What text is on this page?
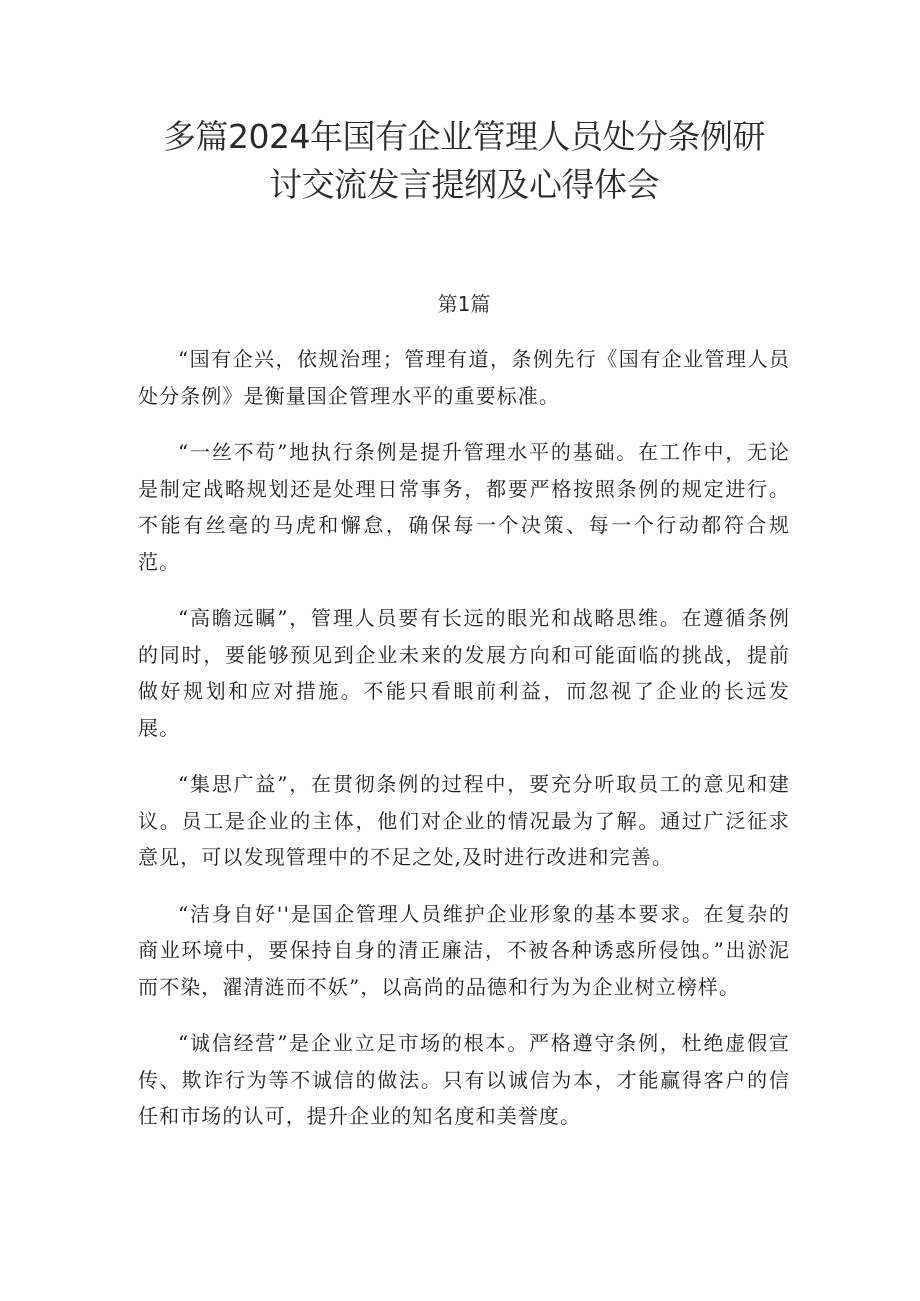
多篇2024年国有企业管理人员处分条例研
讨交流发言提纲及心得体会
第1篇

“国有企兴，依规治理；管理有道，条例先行《国有企业管理人员处分条例》是衡量国企管理水平的重要标准。

“一丝不苟”地执行条例是提升管理水平的基础。在工作中，无论是制定战略规划还是处理日常事务，都要严格按照条例的规定进行。不能有丝毫的马虎和懈怠，确保每一个决策、每一个行动都符合规范。

“高瞻远瞩”，管理人员要有长远的眼光和战略思维。在遵循条例的同时，要能够预见到企业未来的发展方向和可能面临的挑战，提前做好规划和应对措施。不能只看眼前利益，而忽视了企业的长远发展。

“集思广益”，在贯彻条例的过程中，要充分听取员工的意见和建议。员工是企业的主体，他们对企业的情况最为了解。通过广泛征求意见，可以发现管理中的不足之处,及时进行改进和完善。

“洁身自好''是国企管理人员维护企业形象的基本要求。在复杂的商业环境中，要保持自身的清正廉洁，不被各种诱惑所侵蚀。”出淤泥而不染，濯清涟而不妖”，以高尚的品德和行为为企业树立榜样。

“诚信经营”是企业立足市场的根本。严格遵守条例，杜绝虚假宣传、欺诈行为等不诚信的做法。只有以诚信为本，才能赢得客户的信任和市场的认可，提升企业的知名度和美誉度。
